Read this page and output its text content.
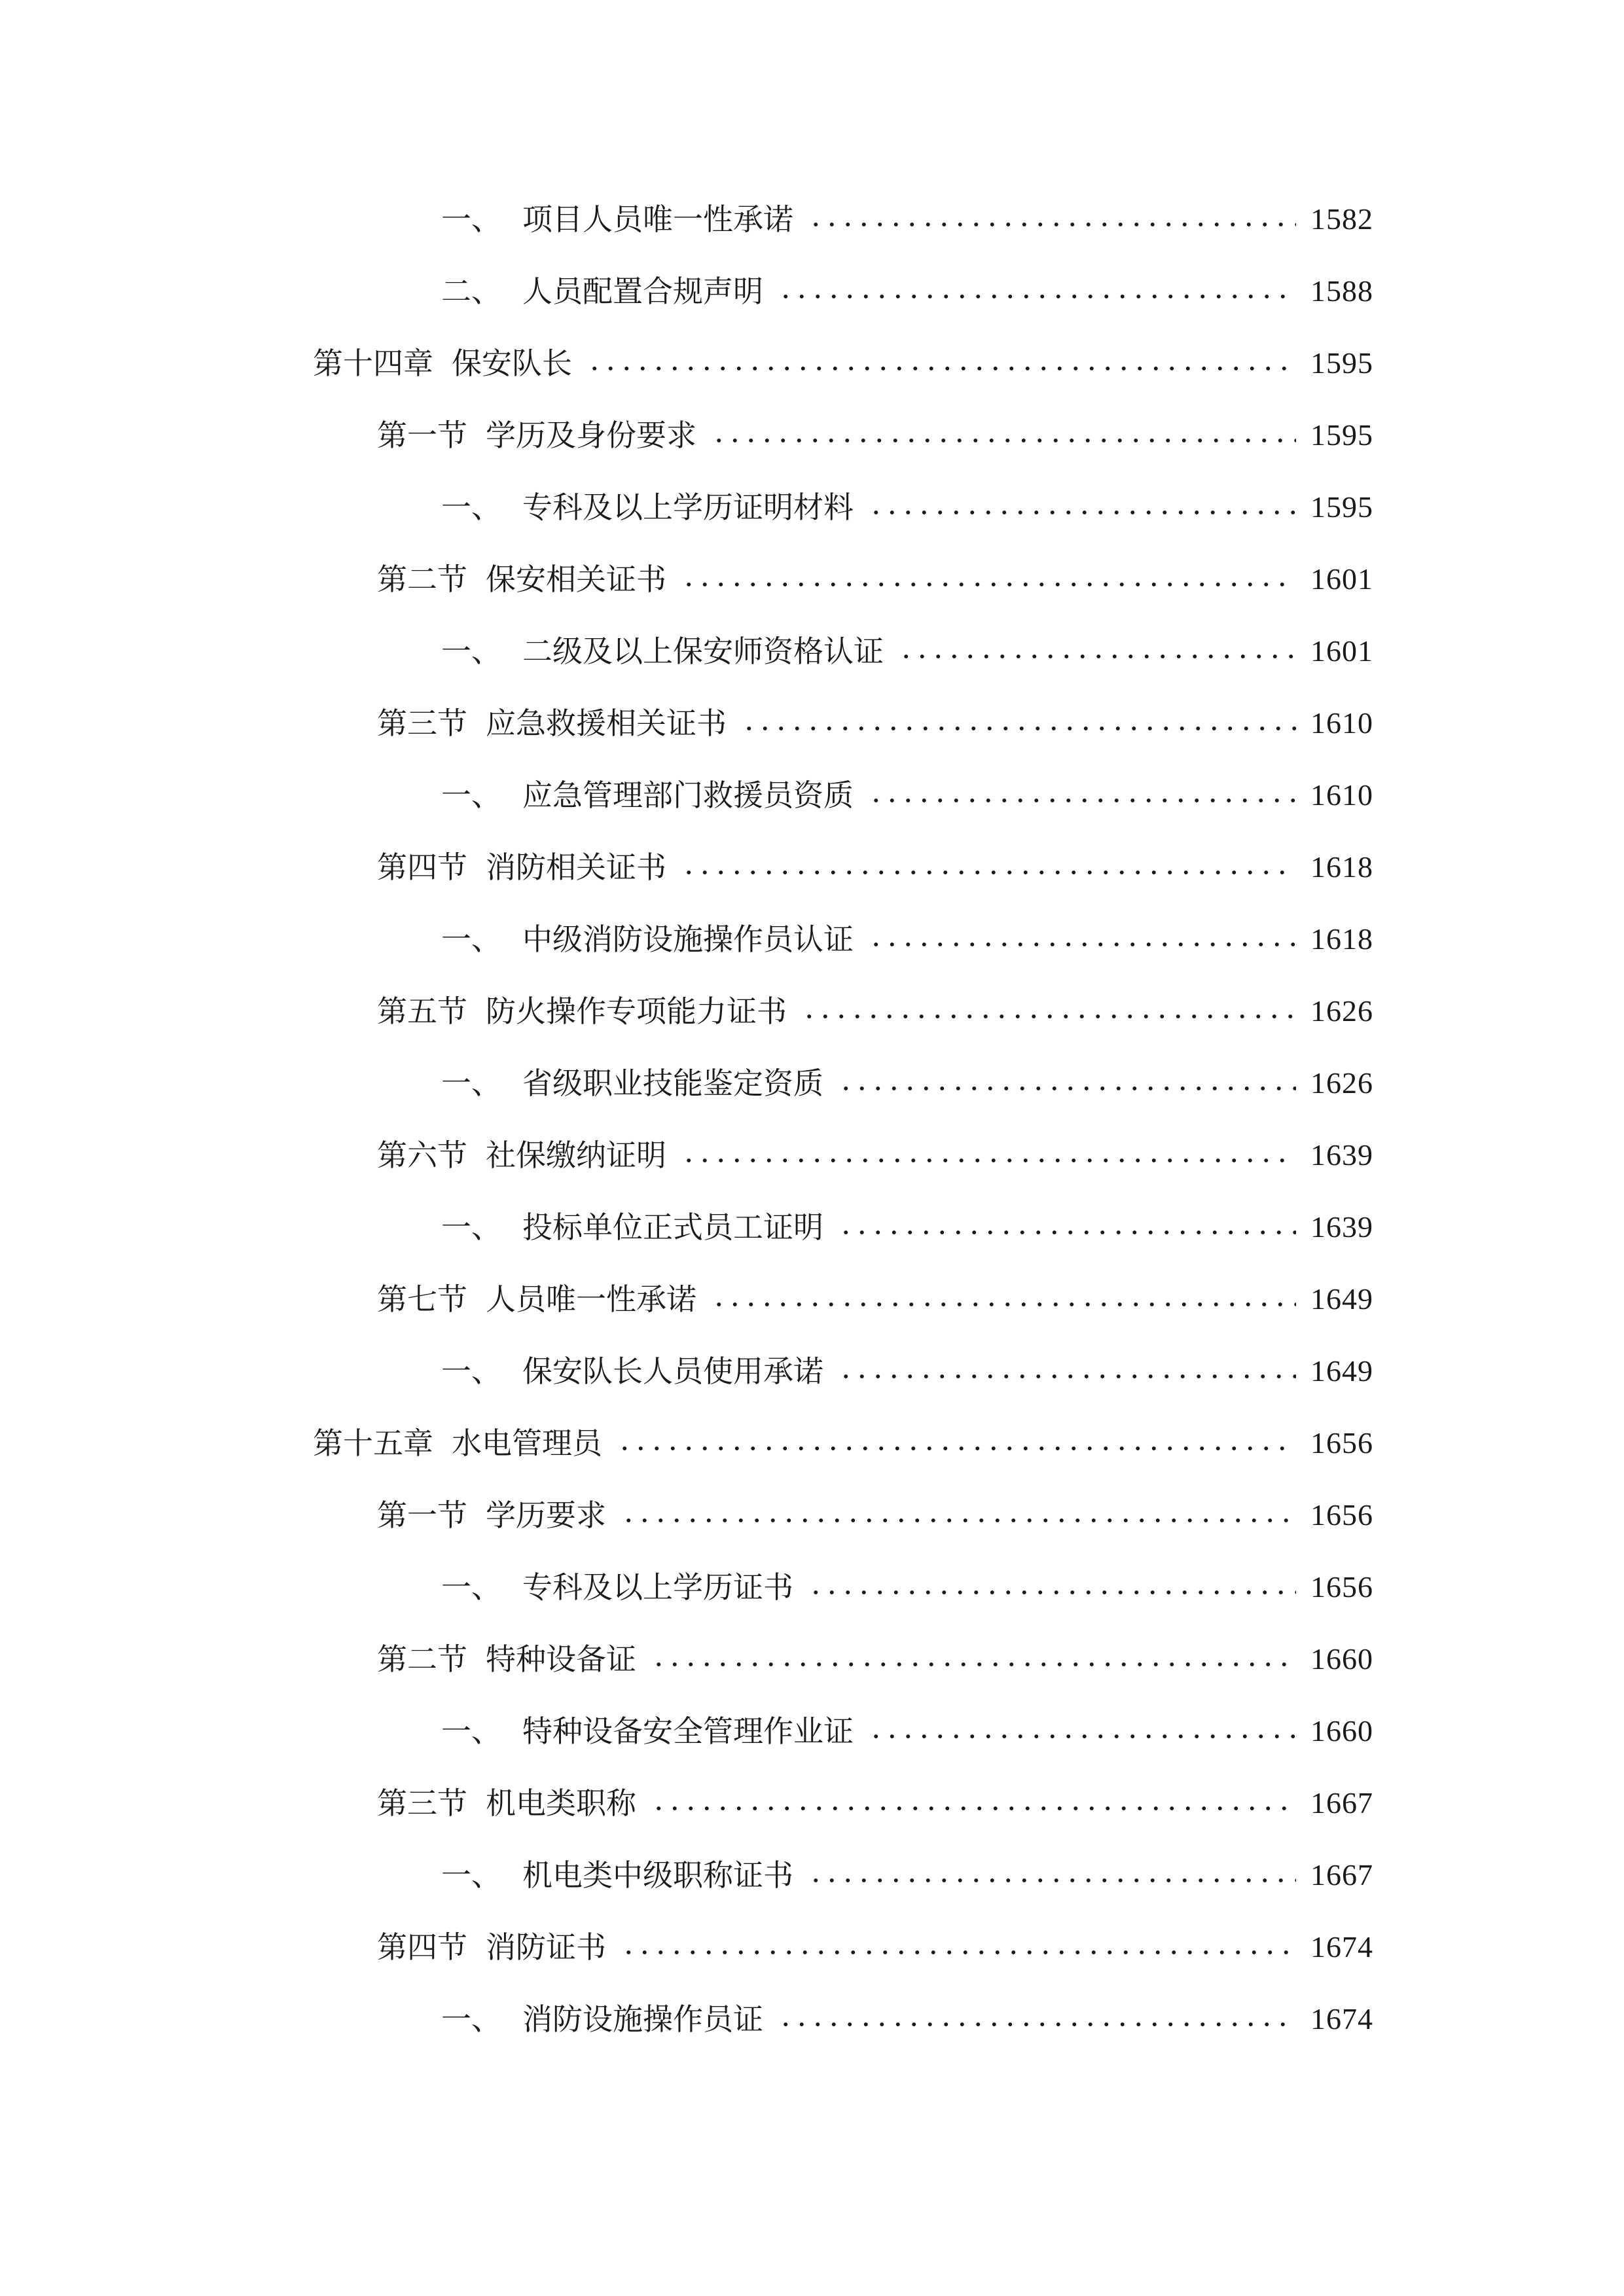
一、 项目人员唯一性承诺	1582
二、 人员配置合规声明	1588
第十四章 保安队长	1595
第一节 学历及身份要求	1595
一、 专科及以上学历证明材料	1595
第二节 保安相关证书	1601
一、 二级及以上保安师资格认证	1601
第三节 应急救援相关证书	1610
一、 应急管理部门救援员资质	1610
第四节 消防相关证书	1618
一、 中级消防设施操作员认证	1618
第五节 防火操作专项能力证书	1626
一、 省级职业技能鉴定资质	1626
第六节 社保缴纳证明	1639
一、 投标单位正式员工证明	1639
第七节 人员唯一性承诺	1649
一、 保安队长人员使用承诺	1649
第十五章 水电管理员	1656
第一节 学历要求	1656
一、 专科及以上学历证书	1656
第二节 特种设备证	1660
一、 特种设备安全管理作业证	1660
第三节 机电类职称	1667
一、 机电类中级职称证书	1667
第四节 消防证书	1674
一、 消防设施操作员证	1674
